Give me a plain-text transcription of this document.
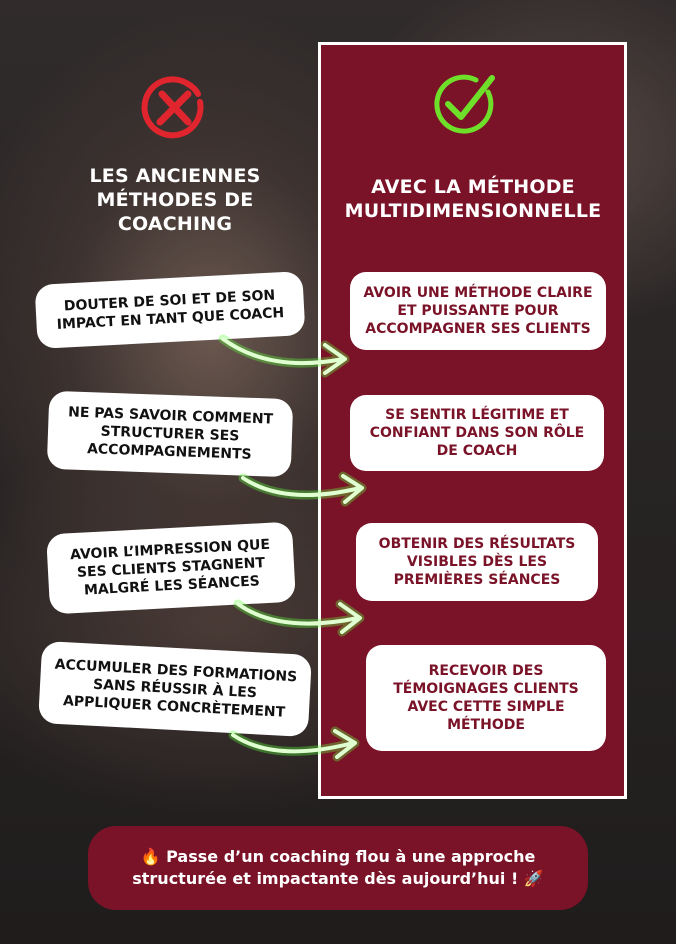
LES ANCIENNES
MÉTHODES DE
COACHING
AVEC LA MÉTHODE
MULTIDIMENSIONNELLE
DOUTER DE SOI ET DE SON
IMPACT EN TANT QUE COACH
NE PAS SAVOIR COMMENT
STRUCTURER SES
ACCOMPAGNEMENTS
AVOIR L’IMPRESSION QUE
SES CLIENTS STAGNENT
MALGRÉ LES SÉANCES
ACCUMULER DES FORMATIONS
SANS RÉUSSIR À LES
APPLIQUER CONCRÈTEMENT
AVOIR UNE MÉTHODE CLAIRE
ET PUISSANTE POUR
ACCOMPAGNER SES CLIENTS
SE SENTIR LÉGITIME ET
CONFIANT DANS SON RÔLE
DE COACH
OBTENIR DES RÉSULTATS
VISIBLES DÈS LES
PREMIÈRES SÉANCES
RECEVOIR DES
TÉMOIGNAGES CLIENTS
AVEC CETTE SIMPLE
MÉTHODE
🔥 Passe d’un coaching flou à une approche
structurée et impactante dès aujourd’hui ! 🚀
